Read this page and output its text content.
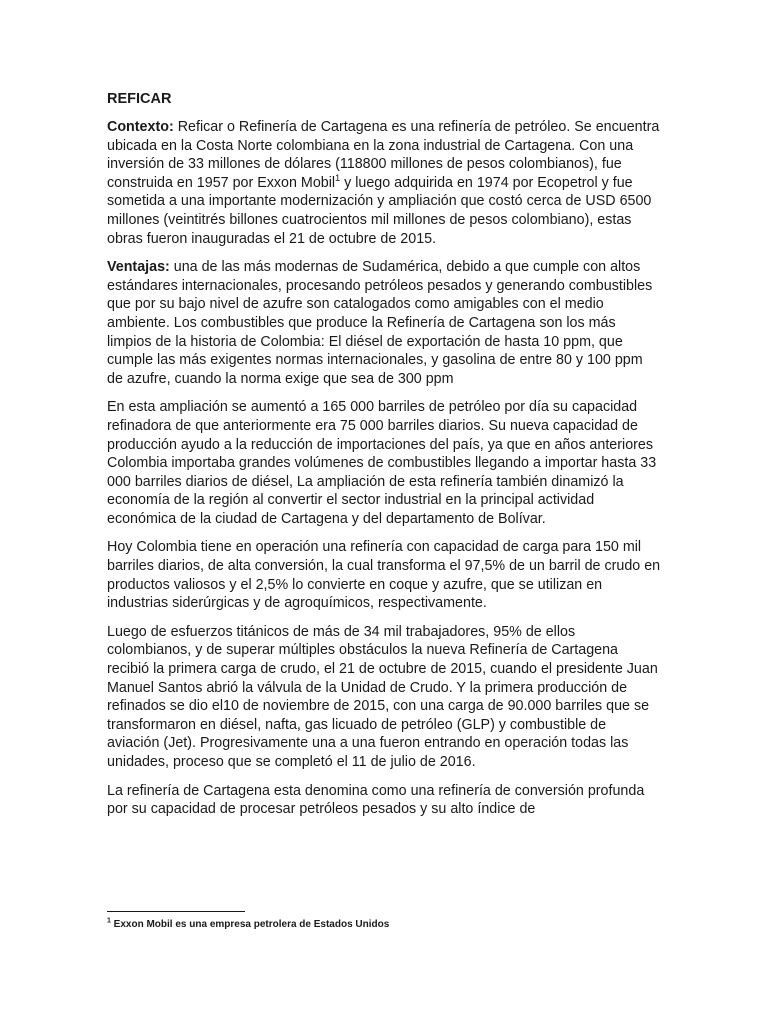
REFICAR

Contexto: Reficar o Refinería de Cartagena es una refinería de petróleo. Se encuentra ubicada en la Costa Norte colombiana en la zona industrial de Cartagena. Con una inversión de 33 millones de dólares (118800 millones de pesos colombianos), fue construida en 1957 por Exxon Mobil$^1$ y luego adquirida en 1974 por Ecopetrol y fue sometida a una importante modernización y ampliación que costó cerca de USD 6500 millones (veintitrés billones cuatrocientos mil millones de pesos colombiano), estas obras fueron inauguradas el 21 de octubre de 2015.

Ventajas: una de las más modernas de Sudamérica, debido a que cumple con altos estándares internacionales, procesando petróleos pesados y generando combustibles que por su bajo nivel de azufre son catalogados como amigables con el medio ambiente. Los combustibles que produce la Refinería de Cartagena son los más limpios de la historia de Colombia: El diésel de exportación de hasta 10 ppm, que cumple las más exigentes normas internacionales, y gasolina de entre 80 y 100 ppm de azufre, cuando la norma exige que sea de 300 ppm

En esta ampliación se aumentó a 165 000 barriles de petróleo por día su capacidad refinadora de que anteriormente era 75 000 barriles diarios. Su nueva capacidad de producción ayudo a la reducción de importaciones del país, ya que en años anteriores Colombia importaba grandes volúmenes de combustibles llegando a importar hasta 33 000 barriles diarios de diésel, La ampliación de esta refinería también dinamizó la economía de la región al convertir el sector industrial en la principal actividad económica de la ciudad de Cartagena y del departamento de Bolívar.

Hoy Colombia tiene en operación una refinería con capacidad de carga para 150 mil barriles diarios, de alta conversión, la cual transforma el 97,5% de un barril de crudo en productos valiosos y el 2,5% lo convierte en coque y azufre, que se utilizan en industrias siderúrgicas y de agroquímicos, respectivamente.

Luego de esfuerzos titánicos de más de 34 mil trabajadores, 95% de ellos colombianos, y de superar múltiples obstáculos la nueva Refinería de Cartagena recibió la primera carga de crudo, el 21 de octubre de 2015, cuando el presidente Juan Manuel Santos abrió la válvula de la Unidad de Crudo. Y la primera producción de refinados se dio el10 de noviembre de 2015, con una carga de 90.000 barriles que se transformaron en diésel, nafta, gas licuado de petróleo (GLP) y combustible de aviación (Jet). Progresivamente una a una fueron entrando en operación todas las unidades, proceso que se completó el 11 de julio de 2016.

La refinería de Cartagena esta denomina como una refinería de conversión profunda por su capacidad de procesar petróleos pesados y su alto índice de

$^1$ Exxon Mobil es una empresa petrolera de Estados Unidos
